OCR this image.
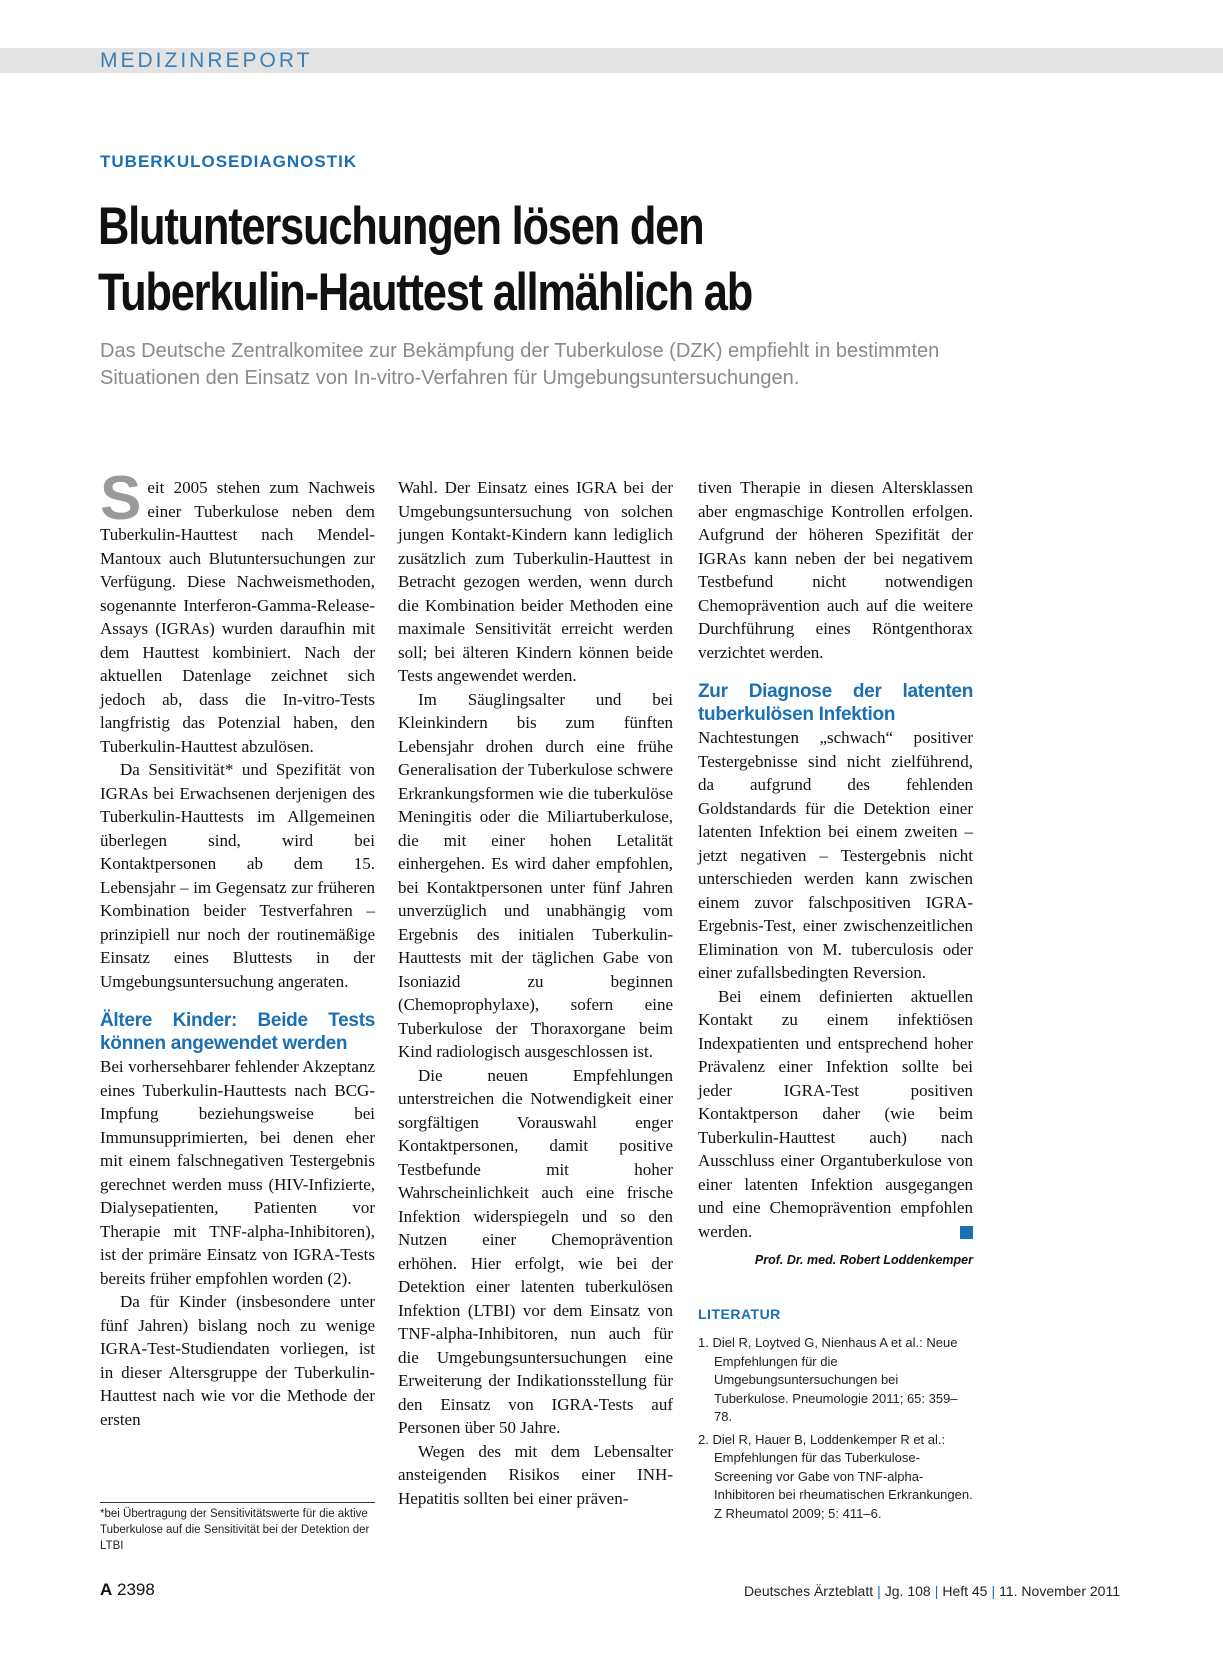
MEDIZINREPORT
TUBERKULOSEDIAGNOSTIK
Blutuntersuchungen lösen den
Tuberkulin-Hauttest allmählich ab
Das Deutsche Zentralkomitee zur Bekämpfung der Tuberkulose (DZK) empfiehlt in bestimmten Situationen den Einsatz von In-vitro-Verfahren für Umgebungsuntersuchungen.

Seit 2005 stehen zum Nachweis einer Tuberkulose neben dem Tuberkulin-Hauttest nach Mendel-Mantoux auch Blutuntersuchungen zur Verfügung. Diese Nachweismethoden, sogenannte Interferon-Gamma-Release-Assays (IGRAs) wurden daraufhin mit dem Hauttest kombiniert. Nach der aktuellen Datenlage zeichnet sich jedoch ab, dass die In-vitro-Tests langfristig das Potenzial haben, den Tuberkulin-Hauttest abzulösen.

Da Sensitivität* und Spezifität von IGRAs bei Erwachsenen derjenigen des Tuberkulin-Hauttests im Allgemeinen überlegen sind, wird bei Kontaktpersonen ab dem 15. Lebensjahr – im Gegensatz zur früheren Kombination beider Testverfahren – prinzipiell nur noch der routinemäßige Einsatz eines Bluttests in der Umgebungsuntersuchung angeraten.

Ältere Kinder: Beide Tests können angewendet werden

Bei vorhersehbarer fehlender Akzeptanz eines Tuberkulin-Hauttests nach BCG-Impfung beziehungsweise bei Immunsupprimierten, bei denen eher mit einem falschnegativen Testergebnis gerechnet werden muss (HIV-Infizierte, Dialysepatienten, Patienten vor Therapie mit TNF-alpha-Inhibitoren), ist der primäre Einsatz von IGRA-Tests bereits früher empfohlen worden (2).

Da für Kinder (insbesondere unter fünf Jahren) bislang noch zu wenige IGRA-Test-Studiendaten vorliegen, ist in dieser Altersgruppe der Tuberkulin-Hauttest nach wie vor die Methode der ersten

Wahl. Der Einsatz eines IGRA bei der Umgebungsuntersuchung von solchen jungen Kontakt-Kindern kann lediglich zusätzlich zum Tuberkulin-Hauttest in Betracht gezogen werden, wenn durch die Kombination beider Methoden eine maximale Sensitivität erreicht werden soll; bei älteren Kindern können beide Tests angewendet werden.

Im Säuglingsalter und bei Kleinkindern bis zum fünften Lebensjahr drohen durch eine frühe Generalisation der Tuberkulose schwere Erkrankungsformen wie die tuberkulöse Meningitis oder die Miliartuberkulose, die mit einer hohen Letalität einhergehen. Es wird daher empfohlen, bei Kontaktpersonen unter fünf Jahren unverzüglich und unabhängig vom Ergebnis des initialen Tuberkulin-Hauttests mit der täglichen Gabe von Isoniazid zu beginnen (Chemoprophylaxe), sofern eine Tuberkulose der Thoraxorgane beim Kind radiologisch ausgeschlossen ist.

Die neuen Empfehlungen unterstreichen die Notwendigkeit einer sorgfältigen Vorauswahl enger Kontaktpersonen, damit positive Testbefunde mit hoher Wahrscheinlichkeit auch eine frische Infektion widerspiegeln und so den Nutzen einer Chemoprävention erhöhen. Hier erfolgt, wie bei der Detektion einer latenten tuberkulösen Infektion (LTBI) vor dem Einsatz von TNF-alpha-Inhibitoren, nun auch für die Umgebungsuntersuchungen eine Erweiterung der Indikationsstellung für den Einsatz von IGRA-Tests auf Personen über 50 Jahre.

Wegen des mit dem Lebensalter ansteigenden Risikos einer INH-Hepatitis sollten bei einer präven-

tiven Therapie in diesen Altersklassen aber engmaschige Kontrollen erfolgen. Aufgrund der höheren Spezifität der IGRAs kann neben der bei negativem Testbefund nicht notwendigen Chemoprävention auch auf die weitere Durchführung eines Röntgenthorax verzichtet werden.

Zur Diagnose der latenten tuberkulösen Infektion

Nachtestungen „schwach“ positiver Testergebnisse sind nicht zielführend, da aufgrund des fehlenden Goldstandards für die Detektion einer latenten Infektion bei einem zweiten – jetzt negativen – Testergebnis nicht unterschieden werden kann zwischen einem zuvor falschpositiven IGRA-Ergebnis-Test, einer zwischenzeitlichen Elimination von M. tuberculosis oder einer zufallsbedingten Reversion.

Bei einem definierten aktuellen Kontakt zu einem infektiösen Indexpatienten und entsprechend hoher Prävalenz einer Infektion sollte bei jeder IGRA-Test positiven Kontaktperson daher (wie beim Tuberkulin-Hauttest auch) nach Ausschluss einer Organtuberkulose von einer latenten Infektion ausgegangen und eine Chemoprävention empfohlen werden.

Prof. Dr. med. Robert Loddenkemper
LITERATUR
1. Diel R, Loytved G, Nienhaus A et al.: Neue Empfehlungen für die Umgebungsuntersuchungen bei Tuberkulose. Pneumologie 2011; 65: 359–78.
2. Diel R, Hauer B, Loddenkemper R et al.: Empfehlungen für das Tuberkulose-Screening vor Gabe von TNF-alpha-Inhibitoren bei rheumatischen Erkrankungen. Z Rheumatol 2009; 5: 411–6.
*bei Übertragung der Sensitivitätswerte für die aktive Tuberkulose auf die Sensitivität bei der Detektion der LTBI
A 2398	Deutsches Ärzteblatt | Jg. 108 | Heft 45 | 11. November 2011
